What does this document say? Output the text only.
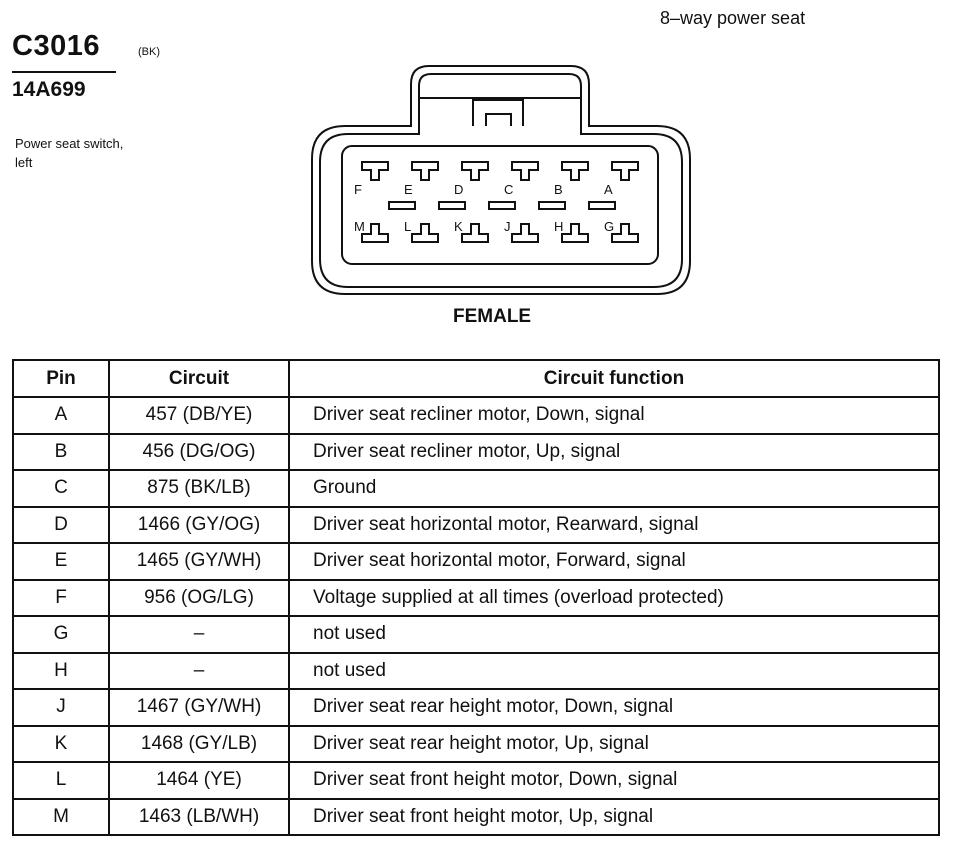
C3016	(BK)
14A699
Power seat switch,
left
8–way power seat
F	E	D	C	B	A
M	L	K	J	H	G
FEMALE
Pin	Circuit	Circuit function
A	457 (DB/YE)	Driver seat recliner motor, Down, signal
B	456 (DG/OG)	Driver seat recliner motor, Up, signal
C	875 (BK/LB)	Ground
D	1466 (GY/OG)	Driver seat horizontal motor, Rearward, signal
E	1465 (GY/WH)	Driver seat horizontal motor, Forward, signal
F	956 (OG/LG)	Voltage supplied at all times (overload protected)
G	–	not used
H	–	not used
J	1467 (GY/WH)	Driver seat rear height motor, Down, signal
K	1468 (GY/LB)	Driver seat rear height motor, Up, signal
L	1464 (YE)	Driver seat front height motor, Down, signal
M	1463 (LB/WH)	Driver seat front height motor, Up, signal
